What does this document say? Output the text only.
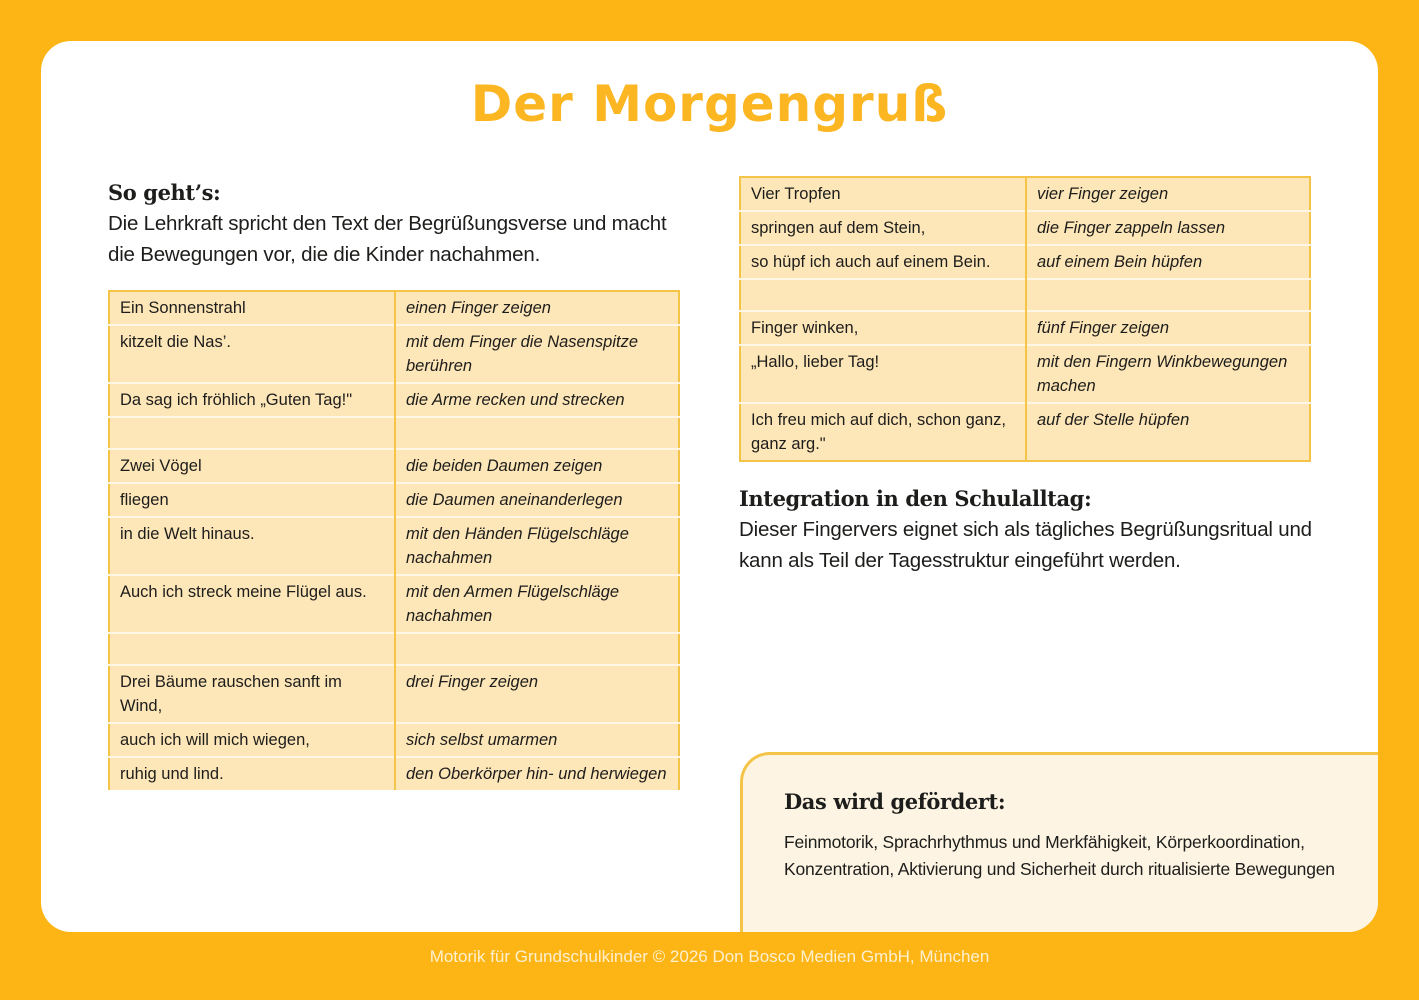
Der Morgengruß
So geht’s:
Die Lehrkraft spricht den Text der Begrüßungsverse und macht die Bewegungen vor, die die Kinder nachahmen.
Ein Sonnenstrahl	einen Finger zeigen
kitzelt die Nas’.	mit dem Finger die Nasenspitze berühren
Da sag ich fröhlich „Guten Tag!"	die Arme recken und strecken

Zwei Vögel	die beiden Daumen zeigen
fliegen	die Daumen aneinanderlegen
in die Welt hinaus.	mit den Händen Flügelschläge nachahmen
Auch ich streck meine Flügel aus.	mit den Armen Flügelschläge nachahmen

Drei Bäume rauschen sanft im Wind,	drei Finger zeigen
auch ich will mich wiegen,	sich selbst umarmen
ruhig und lind.	den Oberkörper hin- und herwiegen
Vier Tropfen	vier Finger zeigen
springen auf dem Stein,	die Finger zappeln lassen
so hüpf ich auch auf einem Bein.	auf einem Bein hüpfen

Finger winken,	fünf Finger zeigen
„Hallo, lieber Tag!	mit den Fingern Winkbewegungen machen
Ich freu mich auf dich, schon ganz, ganz arg."	auf der Stelle hüpfen
Integration in den Schulalltag:
Dieser Fingervers eignet sich als tägliches Begrüßungsritual und kann als Teil der Tagesstruktur eingeführt werden.
Das wird gefördert:
Feinmotorik, Sprachrhythmus und Merkfähigkeit, Körperkoordination, Konzentration, Aktivierung und Sicherheit durch ritualisierte Bewegungen
Motorik für Grundschulkinder © 2026 Don Bosco Medien GmbH, München
